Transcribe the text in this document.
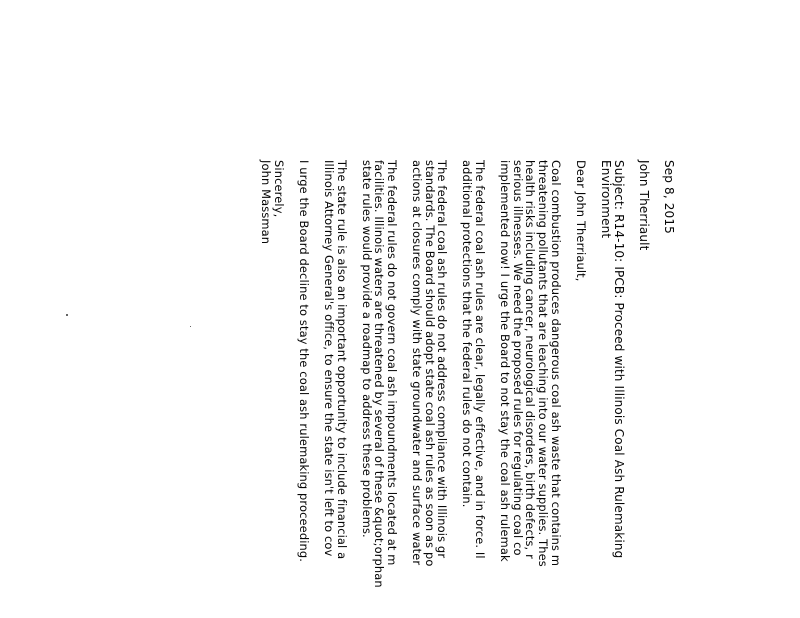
Sep 8, 2015
John Therriault
Subject: R14-10: IPCB: Proceed with Illinois Coal Ash Rulemaking
Environment
Dear John Therriault,
Coal combustion produces dangerous coal ash waste that contains m
threatening pollutants that are leaching into our water supplies. Thes
health risks including cancer, neurological disorders, birth defects, r
serious illnesses. We need the proposed rules for regulating coal co
implemented now! I urge the Board to not stay the coal ash rulemak
The federal coal ash rules are clear, legally effective, and in force. Il
additional protections that the federal rules do not contain.
The federal coal ash rules do not address compliance with Illinois gr
standards. The Board should adopt state coal ash rules as soon as po
actions at closures comply with state groundwater and surface water
The federal rules do not govern coal ash impoundments located at m
facilities. Illinois waters are threatened by several of these &quot;orphan
state rules would provide a roadmap to address these problems.
The state rule is also an important opportunity to include financial a
Illinois Attorney General's office, to ensure the state isn't left to cov
I urge the Board decline to stay the coal ash rulemaking proceeding.
Sincerely,
John Massman
